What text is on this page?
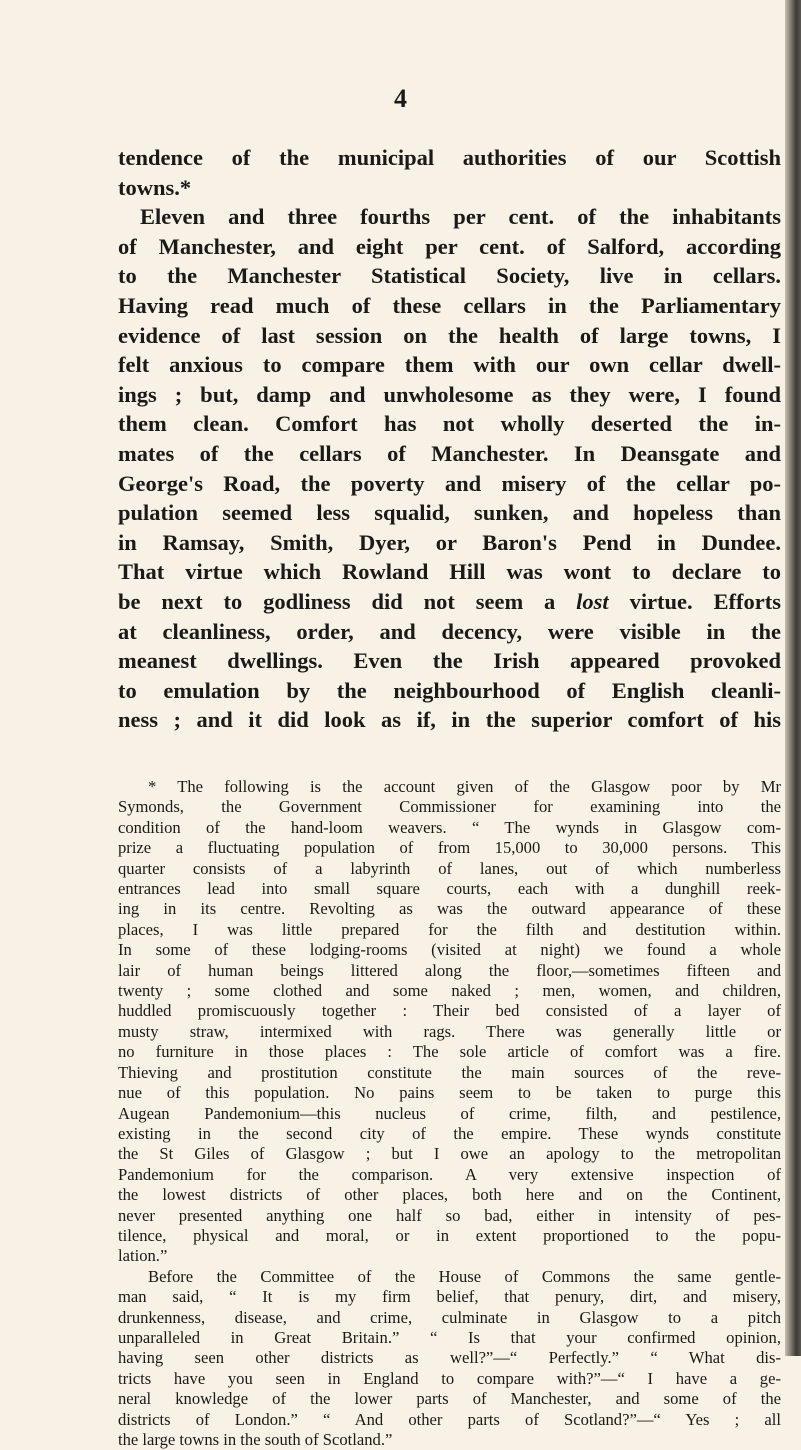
4

tendence of the municipal authorities of our Scottish
towns.*

Eleven and three fourths per cent. of the inhabitants
of Manchester, and eight per cent. of Salford, according
to the Manchester Statistical Society, live in cellars.
Having read much of these cellars in the Parliamentary
evidence of last session on the health of large towns, I
felt anxious to compare them with our own cellar dwell-
ings ; but, damp and unwholesome as they were, I found
them clean. Comfort has not wholly deserted the in-
mates of the cellars of Manchester. In Deansgate and
George's Road, the poverty and misery of the cellar po-
pulation seemed less squalid, sunken, and hopeless than
in Ramsay, Smith, Dyer, or Baron's Pend in Dundee.
That virtue which Rowland Hill was wont to declare to
be next to godliness did not seem a lost virtue. Efforts
at cleanliness, order, and decency, were visible in the
meanest dwellings. Even the Irish appeared provoked
to emulation by the neighbourhood of English cleanli-
ness ; and it did look as if, in the superior comfort of his

* The following is the account given of the Glasgow poor by Mr
Symonds, the Government Commissioner for examining into the
condition of the hand-loom weavers. “ The wynds in Glasgow com-
prize a fluctuating population of from 15,000 to 30,000 persons. This
quarter consists of a labyrinth of lanes, out of which numberless
entrances lead into small square courts, each with a dunghill reek-
ing in its centre. Revolting as was the outward appearance of these
places, I was little prepared for the filth and destitution within.
In some of these lodging-rooms (visited at night) we found a whole
lair of human beings littered along the floor,—sometimes fifteen and
twenty ; some clothed and some naked ; men, women, and children,
huddled promiscuously together : Their bed consisted of a layer of
musty straw, intermixed with rags. There was generally little or
no furniture in those places : The sole article of comfort was a fire.
Thieving and prostitution constitute the main sources of the reve-
nue of this population. No pains seem to be taken to purge this
Augean Pandemonium—this nucleus of crime, filth, and pestilence,
existing in the second city of the empire. These wynds constitute
the St Giles of Glasgow ; but I owe an apology to the metropolitan
Pandemonium for the comparison. A very extensive inspection of
the lowest districts of other places, both here and on the Continent,
never presented anything one half so bad, either in intensity of pes-
tilence, physical and moral, or in extent proportioned to the popu-
lation.”

Before the Committee of the House of Commons the same gentle-
man said, “ It is my firm belief, that penury, dirt, and misery,
drunkenness, disease, and crime, culminate in Glasgow to a pitch
unparalleled in Great Britain.” “ Is that your confirmed opinion,
having seen other districts as well?”—“ Perfectly.” “ What dis-
tricts have you seen in England to compare with?”—“ I have a ge-
neral knowledge of the lower parts of Manchester, and some of the
districts of London.” “ And other parts of Scotland?”—“ Yes ; all
the large towns in the south of Scotland.”
